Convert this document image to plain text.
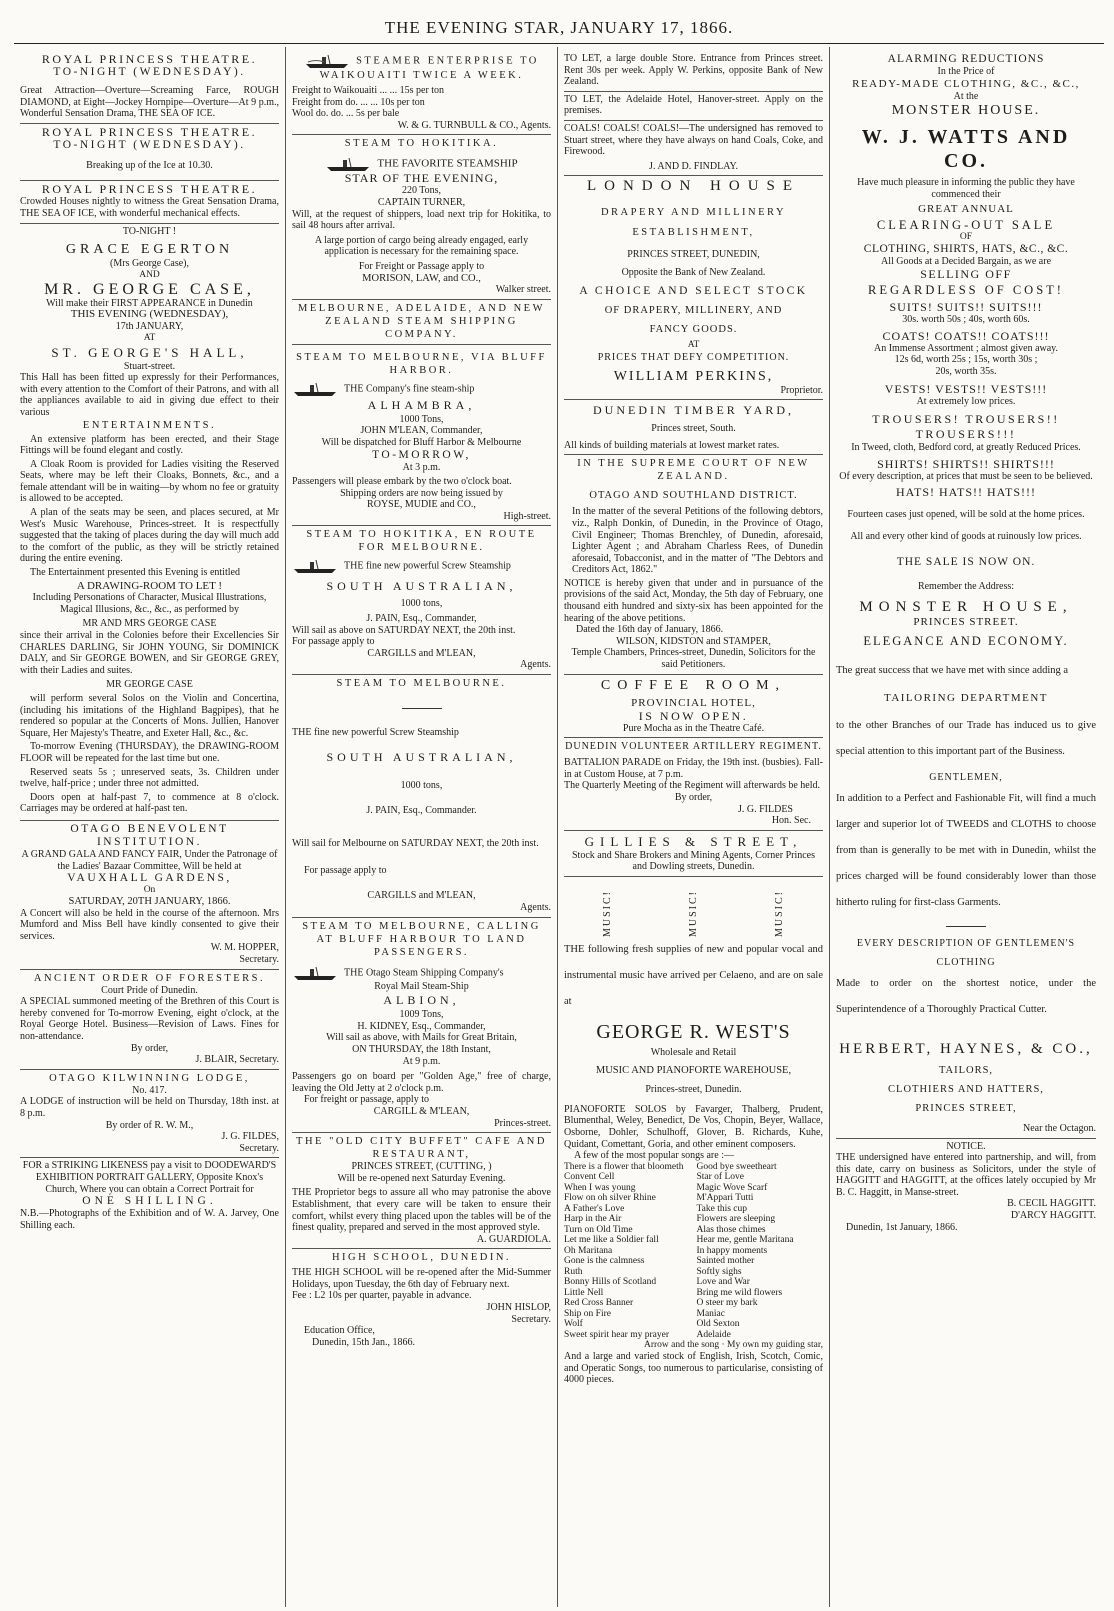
THE EVENING STAR, JANUARY 17, 1866.
ROYAL PRINCESS THEATRE.
TO-NIGHT (WEDNESDAY).
Great Attraction—Overture—Screaming Farce, ROUGH DIAMOND, at Eight—Jockey Hornpipe—Overture—At 9 p.m., Wonderful Sensation Drama, THE SEA OF ICE.
ROYAL PRINCESS THEATRE.
TO-NIGHT (WEDNESDAY).
Breaking up of the Ice at 10.30.
ROYAL PRINCESS THEATRE.
Crowded Houses nightly to witness the Great Sensation Drama, THE SEA OF ICE, with wonderful mechanical effects.
TO-NIGHT !
GRACE EGERTON
(Mrs George Case),
AND
MR. GEORGE CASE,
Will make their FIRST APPEARANCE in Dunedin
THIS EVENING (WEDNESDAY),
17th JANUARY,
AT
ST. GEORGE'S HALL,
Stuart-street.
This Hall has been fitted up expressly for their Performances, with every attention to the Comfort of their Patrons, and with all the appliances available to aid in giving due effect to their various
ENTERTAINMENTS.

An extensive platform has been erected, and their Stage Fittings will be found elegant and costly.

A Cloak Room is provided for Ladies visiting the Reserved Seats, where may be left their Cloaks, Bonnets, &c., and a female attendant will be in waiting—by whom no fee or gratuity is allowed to be accepted.

A plan of the seats may be seen, and places secured, at Mr West's Music Warehouse, Princes-street. It is respectfully suggested that the taking of places during the day will much add to the comfort of the public, as they will be strictly retained during the entire evening.

The Entertainment presented this Evening is entitled

A DRAWING-ROOM TO LET !
Including Personations of Character, Musical Illustrations, Magical Illusions, &c., &c., as performed by
MR AND MRS GEORGE CASE
since their arrival in the Colonies before their Excellencies Sir CHARLES DARLING, Sir JOHN YOUNG, Sir DOMINICK DALY, and Sir GEORGE BOWEN, and Sir GEORGE GREY, with their Ladies and suites.
MR GEORGE CASE

will perform several Solos on the Violin and Concertina, (including his imitations of the Highland Bagpipes), that he rendered so popular at the Concerts of Mons. Jullien, Hanover Square, Her Majesty's Theatre, and Exeter Hall, &c., &c.

To-morrow Evening (THURSDAY), the DRAWING-ROOM FLOOR will be repeated for the last time but one.

Reserved seats 5s ; unreserved seats, 3s. Children under twelve, half-price ; under three not admitted.

Doors open at half-past 7, to commence at 8 o'clock. Carriages may be ordered at half-past ten.

OTAGO BENEVOLENT INSTITUTION.
A GRAND GALA AND FANCY FAIR, Under the Patronage of the Ladies' Bazaar Committee, Will be held at
VAUXHALL GARDENS,
On
SATURDAY, 20TH JANUARY, 1866.
A Concert will also be held in the course of the afternoon. Mrs Mumford and Miss Bell have kindly consented to give their services.
W. M. HOPPER,
Secretary.
ANCIENT ORDER OF FORESTERS.
Court Pride of Dunedin.
A SPECIAL summoned meeting of the Brethren of this Court is hereby convened for To-morrow Evening, eight o'clock, at the Royal George Hotel. Business—Revision of Laws. Fines for non-attendance.
By order,
J. BLAIR, Secretary.
OTAGO KILWINNING LODGE,
No. 417.
A LODGE of instruction will be held on Thursday, 18th inst. at 8 p.m.
By order of R. W. M.,
J. G. FILDES,
Secretary.
FOR a STRIKING LIKENESS pay a visit to DOODEWARD'S EXHIBITION PORTRAIT GALLERY, Opposite Knox's Church, Where you can obtain a Correct Portrait for
ONE SHILLING.
N.B.—Photographs of the Exhibition and of W. A. Jarvey, One Shilling each.
STEAMER ENTERPRISE TO WAIKOUAITI TWICE A WEEK.
Freight to Waikouaiti ... ... 15s per ton
Freight from do. ... ... 10s per ton
Wool do. do. ... 5s per bale
W. & G. TURNBULL & CO., Agents.
STEAM TO HOKITIKA.
THE FAVORITE STEAMSHIP
STAR OF THE EVENING,
220 Tons,
CAPTAIN TURNER,
Will, at the request of shippers, load next trip for Hokitika, to sail 48 hours after arrival.
A large portion of cargo being already engaged, early application is necessary for the remaining space.
For Freight or Passage apply to
MORISON, LAW, and CO.,
Walker street.
MELBOURNE, ADELAIDE, AND NEW ZEALAND STEAM SHIPPING COMPANY.
STEAM TO MELBOURNE, VIA BLUFF HARBOR.
THE Company's fine steam-ship
ALHAMBRA,
1000 Tons,
JOHN M'LEAN, Commander,
Will be dispatched for Bluff Harbor & Melbourne
TO-MORROW,
At 3 p.m.
Passengers will please embark by the two o'clock boat.
Shipping orders are now being issued by
ROYSE, MUDIE and CO.,
High-street.
STEAM TO HOKITIKA, EN ROUTE FOR MELBOURNE.
THE fine new powerful Screw Steamship
SOUTH AUSTRALIAN,
1000 tons,
J. PAIN, Esq., Commander,
Will sail as above on SATURDAY NEXT, the 20th inst.
For passage apply to
CARGILLS and M'LEAN,
Agents.
STEAM TO MELBOURNE.
THE fine new powerful Screw Steamship
SOUTH AUSTRALIAN,
1000 tons,
J. PAIN, Esq., Commander.
Will sail for Melbourne on SATURDAY NEXT, the 20th inst.
For passage apply to
CARGILLS and M'LEAN,
Agents.
STEAM TO MELBOURNE, CALLING AT BLUFF HARBOUR TO LAND PASSENGERS.
THE Otago Steam Shipping Company's
Royal Mail Steam-Ship
ALBION,
1009 Tons,
H. KIDNEY, Esq., Commander,
Will sail as above, with Mails for Great Britain,
ON THURSDAY, the 18th Instant,
At 9 p.m.
Passengers go on board per "Golden Age," free of charge, leaving the Old Jetty at 2 o'clock p.m.
For freight or passage, apply to
CARGILL & M'LEAN,
Princes-street.
THE "OLD CITY BUFFET" CAFE AND RESTAURANT,
PRINCES STREET, (CUTTING, )
Will be re-opened next Saturday Evening.
THE Proprietor begs to assure all who may patronise the above Establishment, that every care will be taken to ensure their comfort, whilst every thing placed upon the tables will be of the finest quality, prepared and served in the most approved style.
A. GUARDIOLA.
HIGH SCHOOL, DUNEDIN.
THE HIGH SCHOOL will be re-opened after the Mid-Summer Holidays, upon Tuesday, the 6th day of February next.
Fee : L2 10s per quarter, payable in advance.
JOHN HISLOP,
Secretary.
Education Office,
Dunedin, 15th Jan., 1866.
TO LET, a large double Store. Entrance from Princes street. Rent 30s per week. Apply W. Perkins, opposite Bank of New Zealand.
TO LET, the Adelaide Hotel, Hanover-street. Apply on the premises.
COALS! COALS! COALS!—The undersigned has removed to Stuart street, where they have always on hand Coals, Coke, and Firewood.
J. AND D. FINDLAY.
LONDON HOUSE
DRAPERY AND MILLINERY ESTABLISHMENT,
PRINCES STREET, DUNEDIN,
Opposite the Bank of New Zealand.
A CHOICE AND SELECT STOCK
OF DRAPERY, MILLINERY, AND
FANCY GOODS.
AT
PRICES THAT DEFY COMPETITION.
WILLIAM PERKINS,
Proprietor.
DUNEDIN TIMBER YARD,
Princes street, South.
All kinds of building materials at lowest market rates.
IN THE SUPREME COURT OF NEW ZEALAND.
OTAGO AND SOUTHLAND DISTRICT.
In the matter of the several Petitions of the following debtors, viz., Ralph Donkin, of Dunedin, in the Province of Otago, Civil Engineer; Thomas Brenchley, of Dunedin, aforesaid, Lighter Agent ; and Abraham Charless Rees, of Dunedin aforesaid, Tobacconist, and in the matter of "The Debtors and Creditors Act, 1862."
NOTICE is hereby given that under and in pursuance of the provisions of the said Act, Monday, the 5th day of February, one thousand eith hundred and sixty-six has been appointed for the hearing of the above petitions.
Dated the 16th day of January, 1866.
WILSON, KIDSTON and STAMPER,
Temple Chambers, Princes-street, Dunedin, Solicitors for the said Petitioners.
COFFEE ROOM,
PROVINCIAL HOTEL,
IS NOW OPEN.
Pure Mocha as in the Theatre Café.
DUNEDIN VOLUNTEER ARTILLERY REGIMENT.
BATTALION PARADE on Friday, the 19th inst. (busbies). Fall-in at Custom House, at 7 p.m.
The Quarterly Meeting of the Regiment will afterwards be held.
By order,
J. G. FILDES
Hon. Sec.
GILLIES & STREET,
Stock and Share Brokers and Mining Agents, Corner Princes and Dowling streets, Dunedin.
MUSIC!	MUSIC!	MUSIC!
THE following fresh supplies of new and popular vocal and instrumental music have arrived per Celaeno, and are on sale at
GEORGE R. WEST'S
Wholesale and Retail
MUSIC AND PIANOFORTE WAREHOUSE,
Princes-street, Dunedin.
PIANOFORTE SOLOS by Favarger, Thalberg, Prudent, Blumenthal, Weley, Benedict, De Vos, Chopin, Beyer, Wallace, Osborne, Dohler, Schulhoff, Glover, B. Richards, Kuhe, Quidant, Comettant, Goria, and other eminent composers.
A few of the most popular songs are :—
There is a flower that bloometh	Good bye sweetheart
Convent Cell	Star of Love
When I was young	Magic Wove Scarf
Flow on oh silver Rhine	M'Appari Tutti
A Father's Love	Take this cup
Harp in the Air	Flowers are sleeping
Turn on Old Time	Alas those chimes
Let me like a Soldier fall	Hear me, gentle Maritana
Oh Maritana	In happy moments
Gone is the calmness	Sainted mother
Ruth	Softly sighs
Bonny Hills of Scotland	Love and War
Little Nell	Bring me wild flowers
Red Cross Banner	O steer my bark
Ship on Fire	Maniac
Wolf	Old Sexton
Sweet spirit hear my prayer	Adelaide
Arrow and the song · My own my guiding star,
And a large and varied stock of English, Irish, Scotch, Comic, and Operatic Songs, too numerous to particularise, consisting of 4000 pieces.
ALARMING REDUCTIONS
In the Price of
READY-MADE CLOTHING, &C., &C.,
At the
MONSTER HOUSE.
W. J. WATTS AND CO.
Have much pleasure in informing the public they have commenced their
GREAT ANNUAL
CLEARING-OUT SALE
OF
CLOTHING, SHIRTS, HATS, &C., &C.
All Goods at a Decided Bargain, as we are
SELLING OFF
REGARDLESS OF COST!
SUITS! SUITS!! SUITS!!!
30s. worth 50s ; 40s, worth 60s.
COATS! COATS!! COATS!!!
An Immense Assortment ; almost given away.
12s 6d, worth 25s ; 15s, worth 30s ;
20s, worth 35s.
VESTS! VESTS!! VESTS!!!
At extremely low prices.
TROUSERS! TROUSERS!! TROUSERS!!!
In Tweed, cloth, Bedford cord, at greatly Reduced Prices.
SHIRTS! SHIRTS!! SHIRTS!!!
Of every description, at prices that must be seen to be believed.
HATS! HATS!! HATS!!!
Fourteen cases just opened, will be sold at the home prices.
All and every other kind of goods at ruinously low prices.
THE SALE IS NOW ON.
Remember the Address:
MONSTER HOUSE,
PRINCES STREET.
ELEGANCE AND ECONOMY.
The great success that we have met with since adding a
TAILORING DEPARTMENT
to the other Branches of our Trade has induced us to give special attention to this important part of the Business.
GENTLEMEN,
In addition to a Perfect and Fashionable Fit, will find a much larger and superior lot of TWEEDS and CLOTHS to choose from than is generally to be met with in Dunedin, whilst the prices charged will be found considerably lower than those hitherto ruling for first-class Garments.
EVERY DESCRIPTION OF GENTLEMEN'S
CLOTHING
Made to order on the shortest notice, under the Superintendence of a Thoroughly Practical Cutter.
HERBERT, HAYNES, & CO.,
TAILORS,
CLOTHIERS AND HATTERS,
PRINCES STREET,
Near the Octagon.
NOTICE.
THE undersigned have entered into partnership, and will, from this date, carry on business as Solicitors, under the style of HAGGITT and HAGGITT, at the offices lately occupied by Mr B. C. Haggitt, in Manse-street.
B. CECIL HAGGITT.
D'ARCY HAGGITT.
Dunedin, 1st January, 1866.
